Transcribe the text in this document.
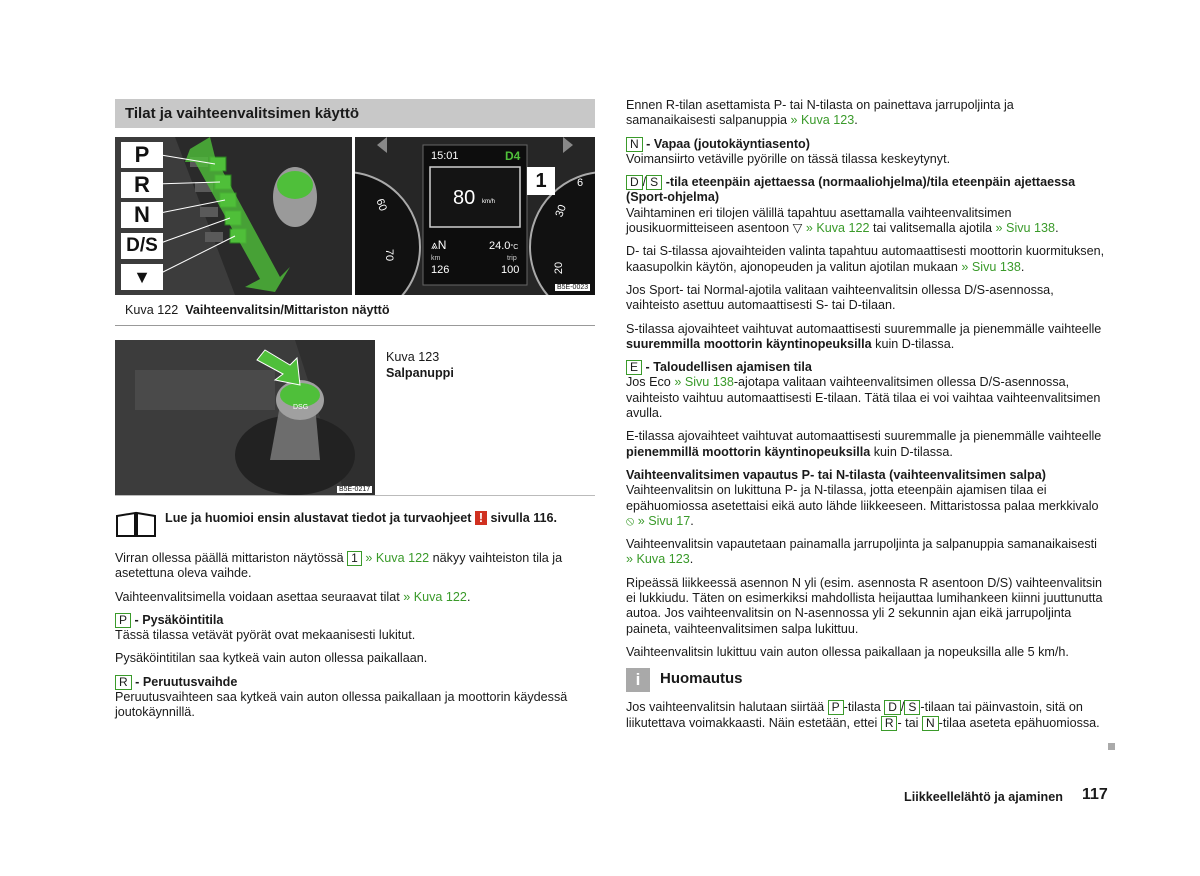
Tilat ja vaihteenvalitsimen käyttö
P
R
N
D/S
▼
15:01	D4
80 km/h
⩓N	24.0°C
km	trip
126	100
1
60
70
6
30
20
B5E-0023
Kuva 122 Vaihteenvalitsin/Mittariston näyttö
DSG
B5E-0217
Kuva 123
Salpanuppi
Lue ja huomioi ensin alustavat tiedot ja turvaohjeet ! sivulla 116.

Virran ollessa päällä mittariston näytössä 1 » Kuva 122 näkyy vaihteiston tila ja asetettuna oleva vaihde.

Vaihteenvalitsimella voidaan asettaa seuraavat tilat » Kuva 122.

P - Pysäköintitila
Tässä tilassa vetävät pyörät ovat mekaanisesti lukitut.

Pysäköintitilan saa kytkeä vain auton ollessa paikallaan.

R - Peruutusvaihde
Peruutusvaihteen saa kytkeä vain auton ollessa paikallaan ja moottorin käydessä joutokäynnillä.

Ennen R-tilan asettamista P- tai N-tilasta on painettava jarrupoljinta ja samanaikaisesti salpanuppia » Kuva 123.

N - Vapaa (joutokäyntiasento)
Voimansiirto vetäville pyörille on tässä tilassa keskeytynyt.

D / S -tila eteenpäin ajettaessa (normaaliohjelma)/tila eteenpäin ajettaessa (Sport-ohjelma)
Vaihtaminen eri tilojen välillä tapahtuu asettamalla vaihteenvalitsimen jousikuormitteiseen asentoon ▽ » Kuva 122 tai valitsemalla ajotila » Sivu 138.

D- tai S-tilassa ajovaihteiden valinta tapahtuu automaattisesti moottorin kuormituksen, kaasupolkin käytön, ajonopeuden ja valitun ajotilan mukaan » Sivu 138.

Jos Sport- tai Normal-ajotila valitaan vaihteenvalitsin ollessa D/S-asennossa, vaihteisto asettuu automaattisesti S- tai D-tilaan.

S-tilassa ajovaihteet vaihtuvat automaattisesti suuremmalle ja pienemmälle vaihteelle suuremmilla moottorin käyntinopeuksilla kuin D-tilassa.

E - Taloudellisen ajamisen tila
Jos Eco » Sivu 138-ajotapa valitaan vaihteenvalitsimen ollessa D/S-asennossa, vaihteisto vaihtuu automaattisesti E-tilaan. Tätä tilaa ei voi vaihtaa vaihteenvalitsimen avulla.

E-tilassa ajovaihteet vaihtuvat automaattisesti suuremmalle ja pienemmälle vaihteelle pienemmillä moottorin käyntinopeuksilla kuin D-tilassa.

Vaihteenvalitsimen vapautus P- tai N-tilasta (vaihteenvalitsimen salpa)
Vaihteenvalitsin on lukittuna P- ja N-tilassa, jotta eteenpäin ajamisen tilaa ei epähuomiossa asetettaisi eikä auto lähde liikkeeseen. Mittaristossa palaa merkkivalo
⦸ » Sivu 17.

Vaihteenvalitsin vapautetaan painamalla jarrupoljinta ja salpanuppia samanaikaisesti » Kuva 123.

Ripeässä liikkeessä asennon N yli (esim. asennosta R asentoon D/S) vaihteenvalitsin ei lukkiudu. Täten on esimerkiksi mahdollista heijauttaa lumihankeen kiinni juuttunutta autoa. Jos vaihteenvalitsin on N-asennossa yli 2 sekunnin ajan eikä jarrupoljinta paineta, vaihteenvalitsimen salpa lukittuu.

Vaihteenvalitsin lukittuu vain auton ollessa paikallaan ja nopeuksilla alle 5 km/h.

i	Huomautus

Jos vaihteenvalitsin halutaan siirtää P -tilasta D / S -tilaan tai päinvastoin, sitä on liikutettava voimakkaasti. Näin estetään, ettei R - tai N -tilaa aseteta epähuomiossa.

Liikkeellelähtö ja ajaminen 117
